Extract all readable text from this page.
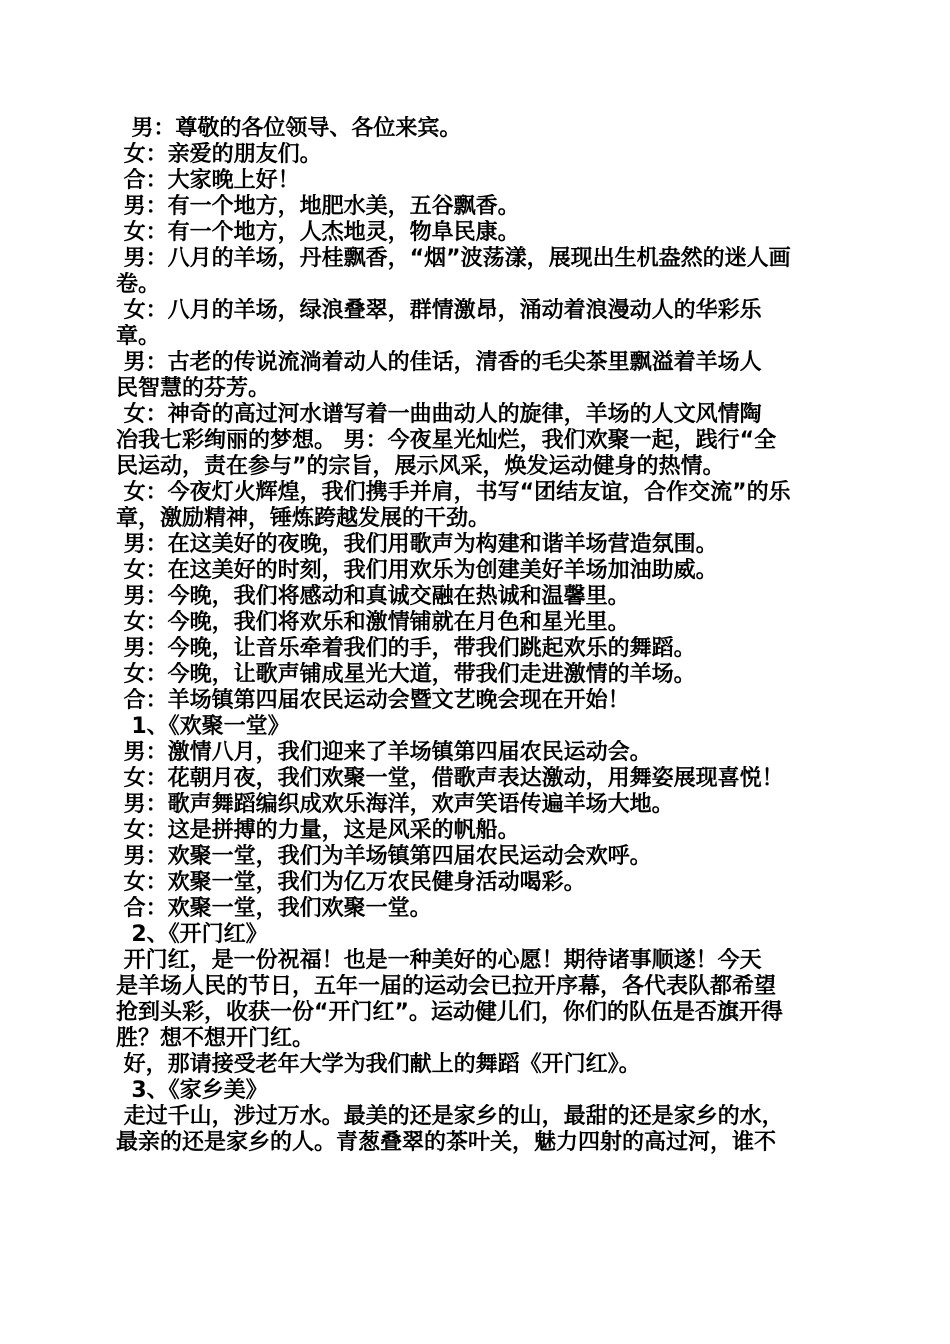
男：尊敬的各位领导、各位来宾。
女：亲爱的朋友们。
合：大家晚上好！
男：有一个地方，地肥水美，五谷飘香。
女：有一个地方，人杰地灵，物阜民康。
男：八月的羊场，丹桂飘香，“烟”波荡漾，展现出生机盎然的迷人画
卷。
女：八月的羊场，绿浪叠翠，群情激昂，涌动着浪漫动人的华彩乐
章。
男：古老的传说流淌着动人的佳话，清香的毛尖茶里飘溢着羊场人
民智慧的芬芳。
女：神奇的高过河水谱写着一曲曲动人的旋律，羊场的人文风情陶
冶我七彩绚丽的梦想。 男：今夜星光灿烂，我们欢聚一起，践行“全
民运动，责在参与”的宗旨，展示风采，焕发运动健身的热情。
女：今夜灯火辉煌，我们携手并肩，书写“团结友谊，合作交流”的乐
章，激励精神，锤炼跨越发展的干劲。
男：在这美好的夜晚，我们用歌声为构建和谐羊场营造氛围。
女：在这美好的时刻，我们用欢乐为创建美好羊场加油助威。
男：今晚，我们将感动和真诚交融在热诚和温馨里。
女：今晚，我们将欢乐和激情铺就在月色和星光里。
男：今晚，让音乐牵着我们的手，带我们跳起欢乐的舞蹈。
女：今晚，让歌声铺成星光大道，带我们走进激情的羊场。
合：羊场镇第四届农民运动会暨文艺晚会现在开始！
1、《欢聚一堂》
男：激情八月，我们迎来了羊场镇第四届农民运动会。
女：花朝月夜，我们欢聚一堂，借歌声表达激动，用舞姿展现喜悦！
男：歌声舞蹈编织成欢乐海洋，欢声笑语传遍羊场大地。
女：这是拼搏的力量，这是风采的帆船。
男：欢聚一堂，我们为羊场镇第四届农民运动会欢呼。
女：欢聚一堂，我们为亿万农民健身活动喝彩。
合：欢聚一堂，我们欢聚一堂。
2、《开门红》
开门红，是一份祝福！也是一种美好的心愿！期待诸事顺遂！今天
是羊场人民的节日，五年一届的运动会已拉开序幕，各代表队都希望
抢到头彩，收获一份“开门红”。运动健儿们，你们的队伍是否旗开得
胜？想不想开门红。
好，那请接受老年大学为我们献上的舞蹈《开门红》。
3、《家乡美》
走过千山，涉过万水。最美的还是家乡的山，最甜的还是家乡的水，
最亲的还是家乡的人。青葱叠翠的茶叶关，魅力四射的高过河，谁不
